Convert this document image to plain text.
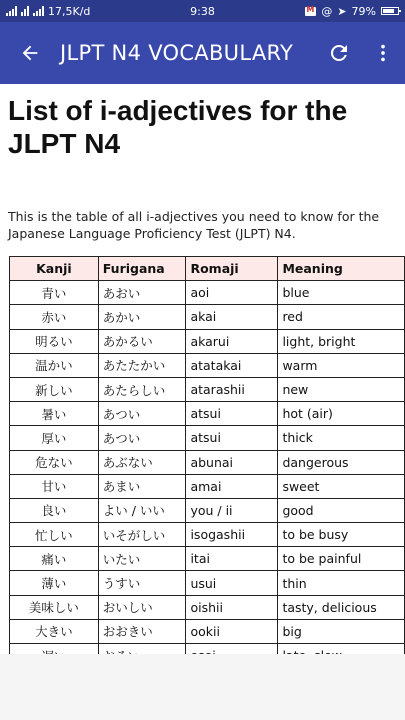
17,5K/d	9:38 M	@ ➤ 79%
JLPT N4 VOCABULARY
List of i-adjectives for the JLPT N4
This is the table of all i-adjectives you need to know for the Japanese Language Proficiency Test (JLPT) N4.
Kanji	Furigana	Romaji	Meaning
青い	あおい	aoi	blue
赤い	あかい	akai	red
明るい	あかるい	akarui	light, bright
温かい	あたたかい	atatakai	warm
新しい	あたらしい	atarashii	new
暑い	あつい	atsui	hot (air)
厚い	あつい	atsui	thick
危ない	あぶない	abunai	dangerous
甘い	あまい	amai	sweet
良い	よい / いい	you / ii	good
忙しい	いそがしい	isogashii	to be busy
痛い	いたい	itai	to be painful
薄い	うすい	usui	thin
美味しい	おいしい	oishii	tasty, delicious
大きい	おおきい	ookii	big
